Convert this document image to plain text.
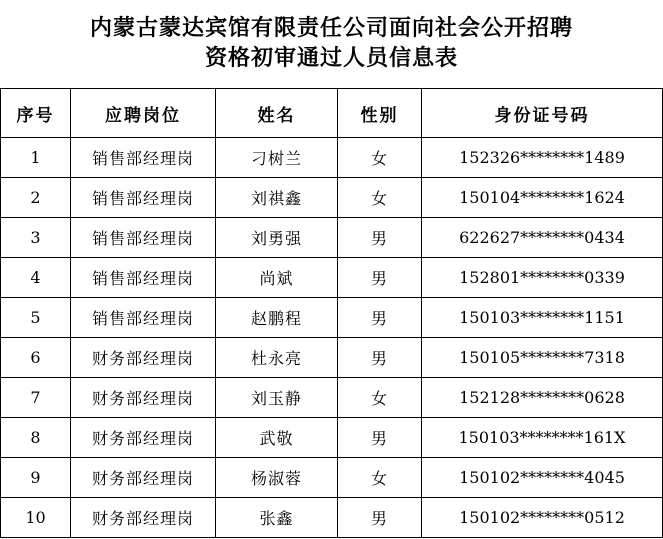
内蒙古蒙达宾馆有限责任公司面向社会公开招聘
资格初审通过人员信息表
序号	应聘岗位	姓名	性别	身份证号码
1	销售部经理岗	刁树兰	女	152326********1489
2	销售部经理岗	刘祺鑫	女	150104********1624
3	销售部经理岗	刘勇强	男	622627********0434
4	销售部经理岗	尚斌	男	152801********0339
5	销售部经理岗	赵鹏程	男	150103********1151
6	财务部经理岗	杜永亮	男	150105********7318
7	财务部经理岗	刘玉静	女	152128********0628
8	财务部经理岗	武敬	男	150103********161X
9	财务部经理岗	杨淑蓉	女	150102********4045
10	财务部经理岗	张鑫	男	150102********0512
